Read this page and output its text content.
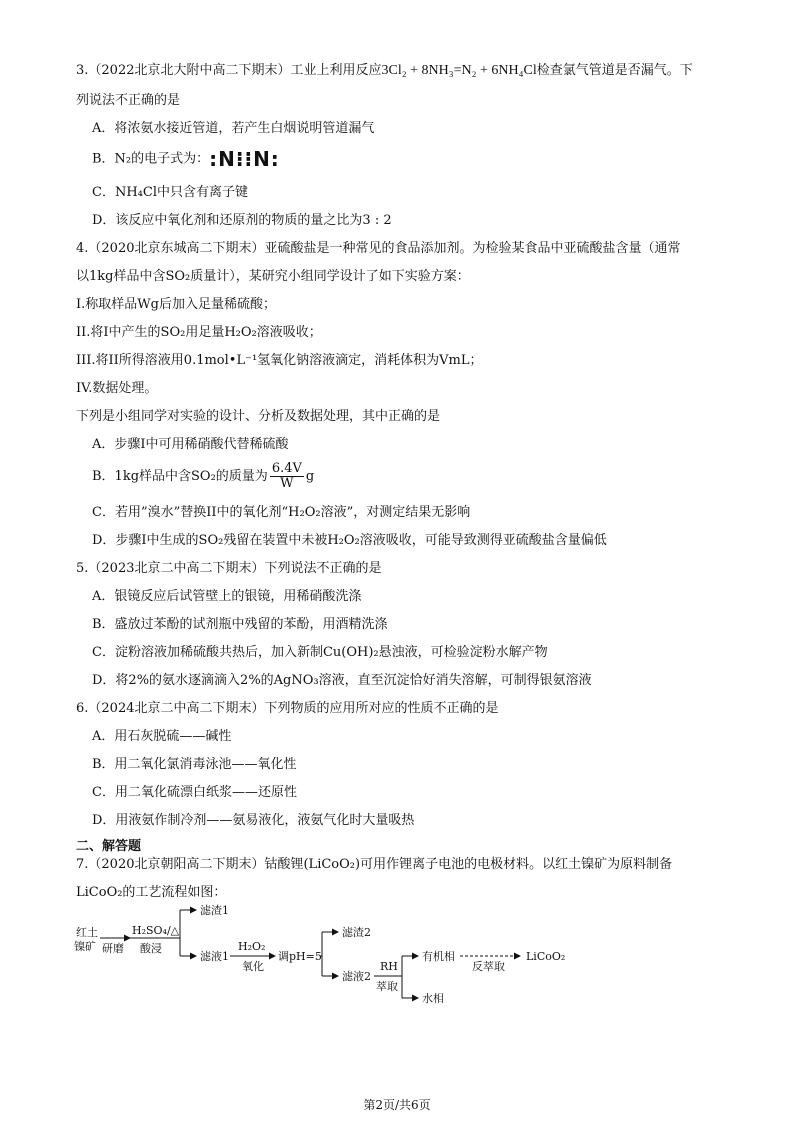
3.（2022北京北大附中高二下期末）工业上利用反应3Cl₂ + 8NH₃=N₂ + 6NH₄Cl检查氯气管道是否漏气。下
列说法不正确的是
A．将浓氨水接近管道，若产生白烟说明管道漏气
B．N₂的电子式为：:N⁝⁝N:
C．NH₄Cl中只含有离子键
D．该反应中氧化剂和还原剂的物质的量之比为3 : 2
4.（2020北京东城高二下期末）亚硫酸盐是一种常见的食品添加剂。为检验某食品中亚硫酸盐含量（通常
以1kg样品中含SO₂质量计），某研究小组同学设计了如下实验方案：
I.称取样品Wg后加入足量稀硫酸；
II.将I中产生的SO₂用足量H₂O₂溶液吸收；
III.将II所得溶液用0.1mol•L⁻¹氢氧化钠溶液滴定，消耗体积为VmL；
IV.数据处理。
下列是小组同学对实验的设计、分析及数据处理，其中正确的是
A．步骤I中可用稀硝酸代替稀硫酸
B．1kg样品中含SO₂的质量为 $\frac{6.4V}{W}$ g
C．若用”溴水”替换II中的氧化剂“H₂O₂溶液”，对测定结果无影响
D．步骤I中生成的SO₂残留在装置中未被H₂O₂溶液吸收，可能导致测得亚硫酸盐含量偏低
5.（2023北京二中高二下期末）下列说法不正确的是
A．银镜反应后试管壁上的银镜，用稀硝酸洗涤
B．盛放过苯酚的试剂瓶中残留的苯酚，用酒精洗涤
C．淀粉溶液加稀硫酸共热后，加入新制Cu(OH)₂悬浊液，可检验淀粉水解产物
D．将2%的氨水逐滴滴入2%的AgNO₃溶液，直至沉淀恰好消失溶解，可制得银氨溶液
6.（2024北京二中高二下期末）下列物质的应用所对应的性质不正确的是
A．用石灰脱硫——碱性
B．用二氧化氯消毒泳池——氧化性
C．用二氧化硫漂白纸浆——还原性
D．用液氨作制冷剂——氨易液化，液氨气化时大量吸热
二、解答题
7.（2020北京朝阳高二下期末）钴酸锂(LiCoO₂)可用作锂离子电池的电极材料。以红土镍矿为原料制备
LiCoO₂的工艺流程如图：
红土
镍矿 研磨
H₂SO₄/△
酸浸
滤渣1
滤液1
H₂O₂
氧化
调pH=5
滤渣2
滤液2
RH
萃取
有机相
水相
反萃取
LiCoO₂
第2页/共6页
